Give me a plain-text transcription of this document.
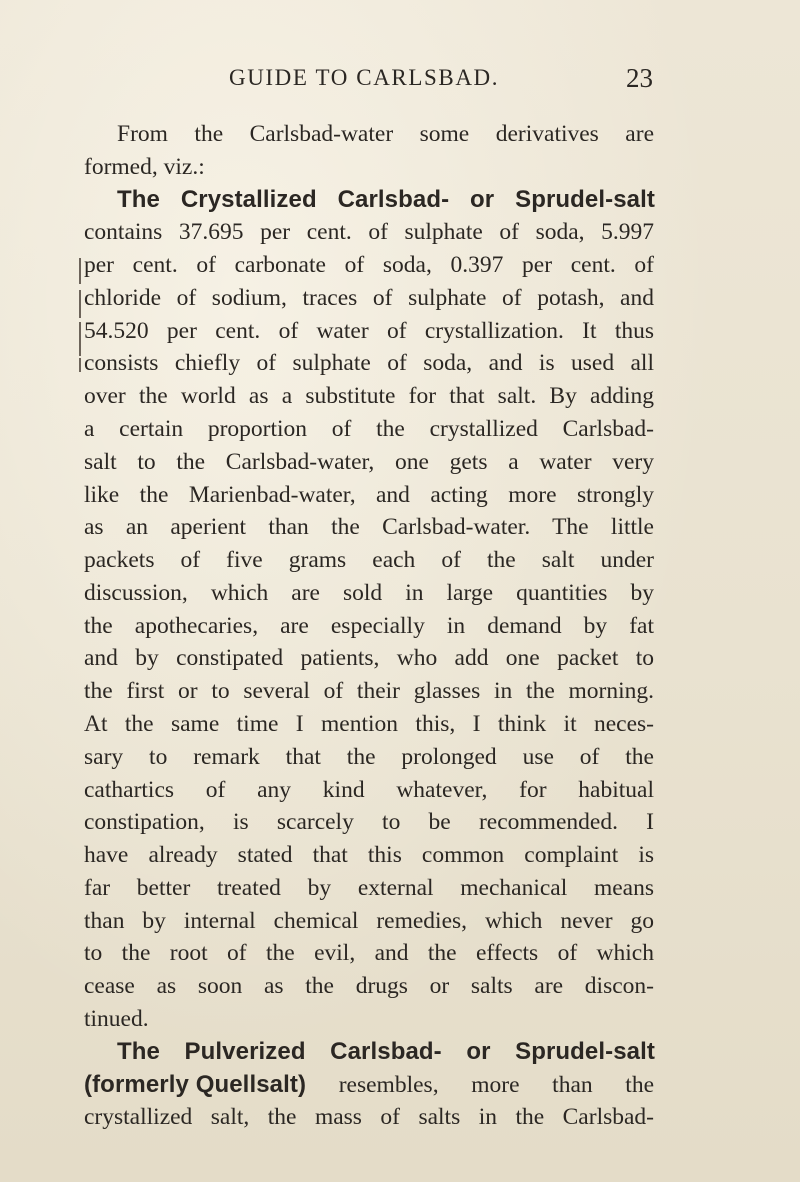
GUIDE TO CARLSBAD.	23
From the Carlsbad-water some derivatives are
formed, viz.:
The Crystallized Carlsbad- or Sprudel-salt
contains 37.695 per cent. of sulphate of soda, 5.997
per cent. of carbonate of soda, 0.397 per cent. of
chloride of sodium, traces of sulphate of potash, and
54.520 per cent. of water of crystallization. It thus
consists chiefly of sulphate of soda, and is used all
over the world as a substitute for that salt. By adding
a certain proportion of the crystallized Carlsbad-
salt to the Carlsbad-water, one gets a water very
like the Marienbad-water, and acting more strongly
as an aperient than the Carlsbad-water. The little
packets of five grams each of the salt under
discussion, which are sold in large quantities by
the apothecaries, are especially in demand by fat
and by constipated patients, who add one packet to
the first or to several of their glasses in the morning.
At the same time I mention this, I think it neces-
sary to remark that the prolonged use of the
cathartics of any kind whatever, for habitual
constipation, is scarcely to be recommended. I
have already stated that this common complaint is
far better treated by external mechanical means
than by internal chemical remedies, which never go
to the root of the evil, and the effects of which
cease as soon as the drugs or salts are discon-
tinued.
The Pulverized Carlsbad- or Sprudel-salt
(formerly Quellsalt) resembles, more than the
crystallized salt, the mass of salts in the Carlsbad-
